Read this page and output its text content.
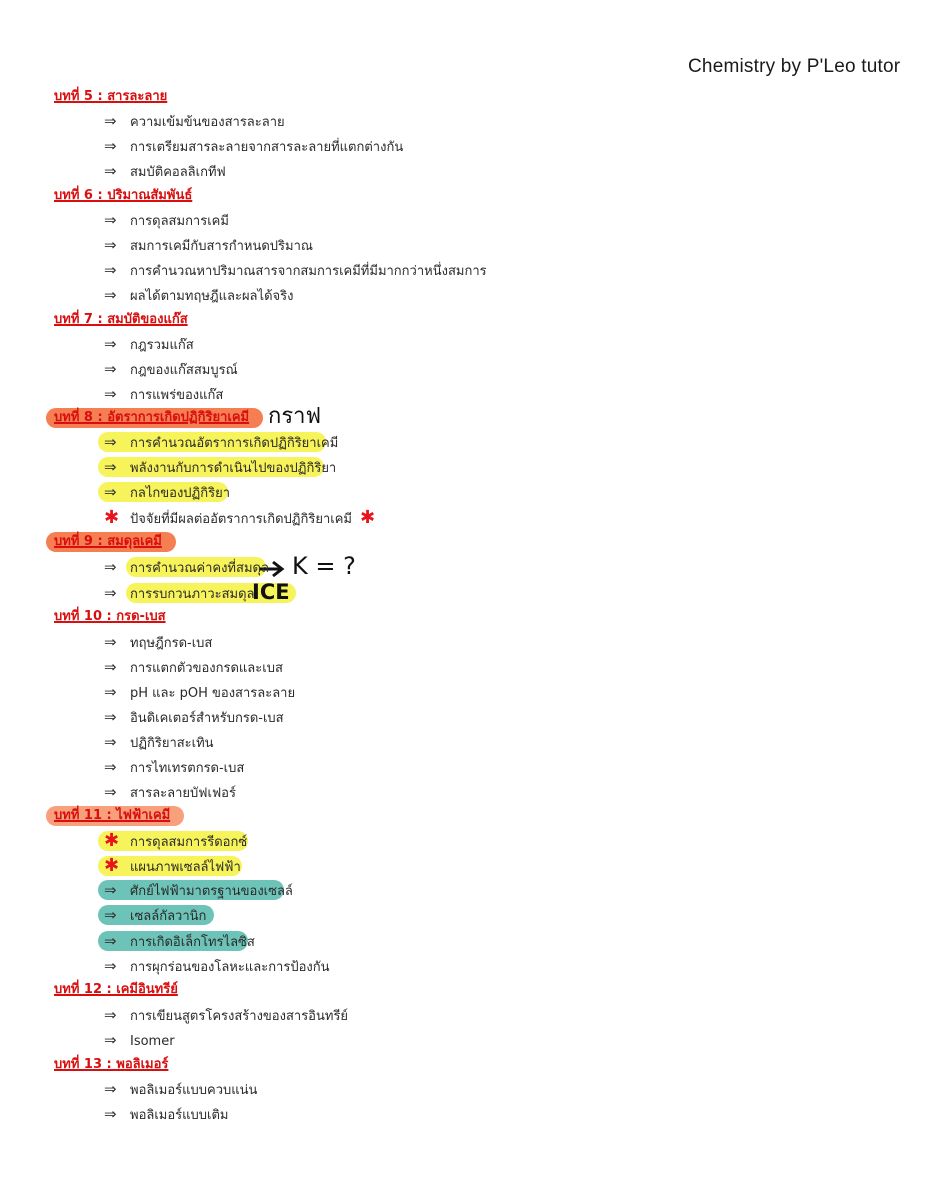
Chemistry by P'Leo tutor
บทที่ 5 : สารละลาย
⇒ ความเข้มข้นของสารละลาย
⇒ การเตรียมสารละลายจากสารละลายที่แตกต่างกัน
⇒ สมบัติคอลลิเกทีฟ
บทที่ 6 : ปริมาณสัมพันธ์
⇒ การดุลสมการเคมี
⇒ สมการเคมีกับสารกำหนดปริมาณ
⇒ การคำนวณหาปริมาณสารจากสมการเคมีที่มีมากกว่าหนึ่งสมการ
⇒ ผลได้ตามทฤษฎีและผลได้จริง
บทที่ 7 : สมบัติของแก๊ส
⇒ กฎรวมแก๊ส
⇒ กฎของแก๊สสมบูรณ์
⇒ การแพร่ของแก๊ส
บทที่ 8 : อัตราการเกิดปฏิกิริยาเคมี กราฟ
⇒ การคำนวณอัตราการเกิดปฏิกิริยาเคมี
⇒ พลังงานกับการดำเนินไปของปฏิกิริยา
⇒ กลไกของปฏิกิริยา
✱ ปัจจัยที่มีผลต่ออัตราการเกิดปฏิกิริยาเคมี ✱
บทที่ 9 : สมดุลเคมี
⇒ การคำนวณค่าคงที่สมดุล K = ?
⇒ การรบกวนภาวะสมดุล
ICE
บทที่ 10 : กรด-เบส
⇒ ทฤษฎีกรด-เบส
⇒ การแตกตัวของกรดและเบส
⇒ pH และ pOH ของสารละลาย
⇒ อินดิเคเตอร์สำหรับกรด-เบส
⇒ ปฏิกิริยาสะเทิน
⇒ การไทเทรตกรด-เบส
⇒ สารละลายบัฟเฟอร์
บทที่ 11 : ไฟฟ้าเคมี
✱ การดุลสมการรีดอกซ์
✱ แผนภาพเซลล์ไฟฟ้า
⇒ ศักย์ไฟฟ้ามาตรฐานของเซลล์
⇒ เซลล์กัลวานิก
⇒ การเกิดอิเล็กโทรไลซิส
⇒ การผุกร่อนของโลหะและการป้องกัน
บทที่ 12 : เคมีอินทรีย์
⇒ การเขียนสูตรโครงสร้างของสารอินทรีย์
⇒ Isomer
บทที่ 13 : พอลิเมอร์
⇒ พอลิเมอร์แบบควบแน่น
⇒ พอลิเมอร์แบบเติม
